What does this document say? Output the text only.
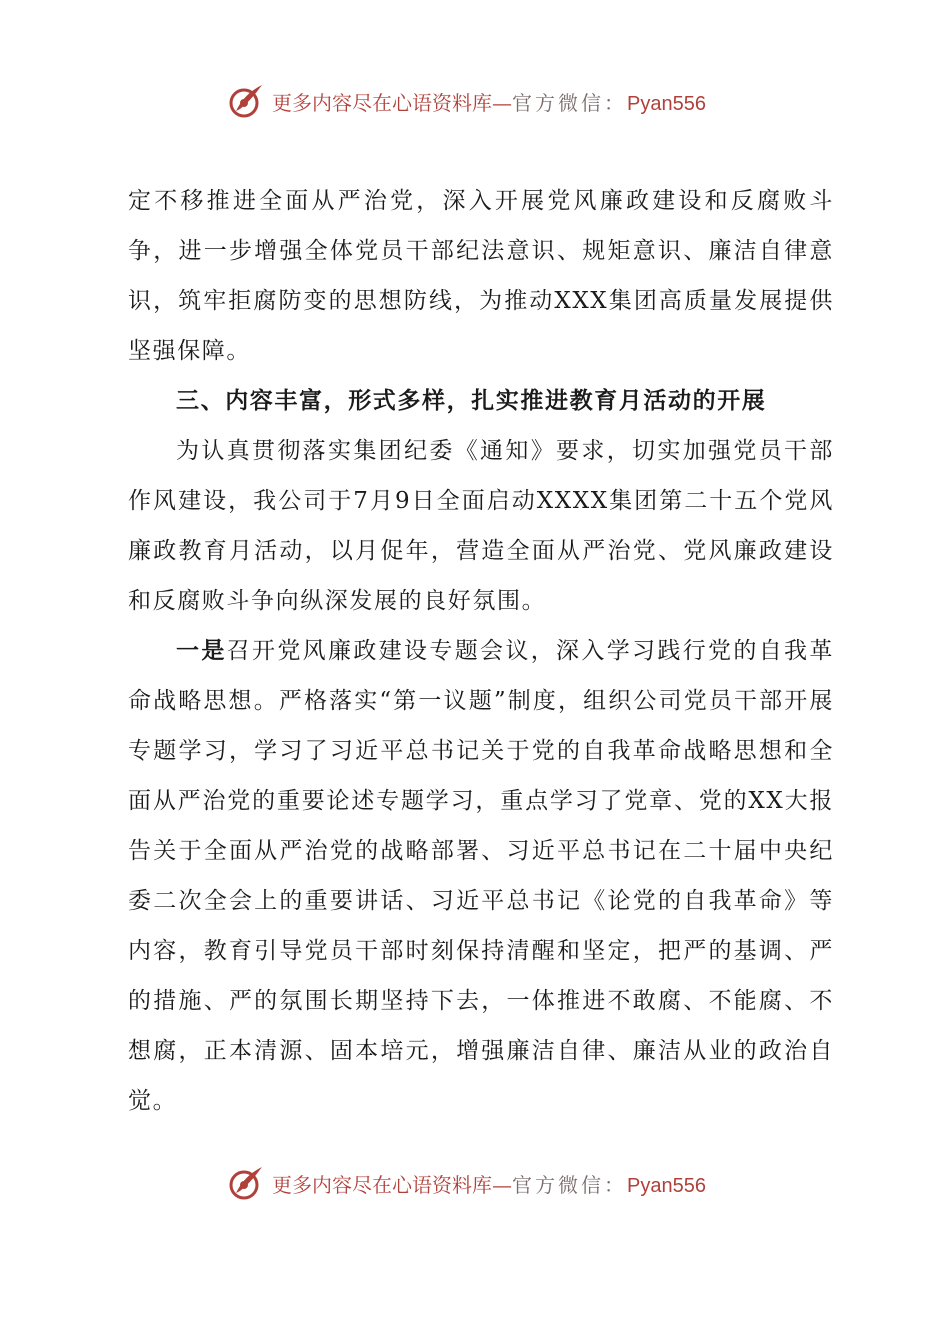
更多内容尽在心语资料库—官方微信：Pyan556

定不移推进全面从严治党，深入开展党风廉政建设和反腐败斗争，进一步增强全体党员干部纪法意识、规矩意识、廉洁自律意识，筑牢拒腐防变的思想防线，为推动XXX集团高质量发展提供坚强保障。

三、内容丰富，形式多样，扎实推进教育月活动的开展

为认真贯彻落实集团纪委《通知》要求，切实加强党员干部作风建设，我公司于7月9日全面启动XXXX集团第二十五个党风廉政教育月活动，以月促年，营造全面从严治党、党风廉政建设和反腐败斗争向纵深发展的良好氛围。

一是召开党风廉政建设专题会议，深入学习践行党的自我革命战略思想。严格落实“第一议题”制度，组织公司党员干部开展专题学习，学习了习近平总书记关于党的自我革命战略思想和全面从严治党的重要论述专题学习，重点学习了党章、党的XX大报告关于全面从严治党的战略部署、习近平总书记在二十届中央纪委二次全会上的重要讲话、习近平总书记《论党的自我革命》等内容，教育引导党员干部时刻保持清醒和坚定，把严的基调、严的措施、严的氛围长期坚持下去，一体推进不敢腐、不能腐、不想腐，正本清源、固本培元，增强廉洁自律、廉洁从业的政治自觉。

更多内容尽在心语资料库—官方微信：Pyan556
